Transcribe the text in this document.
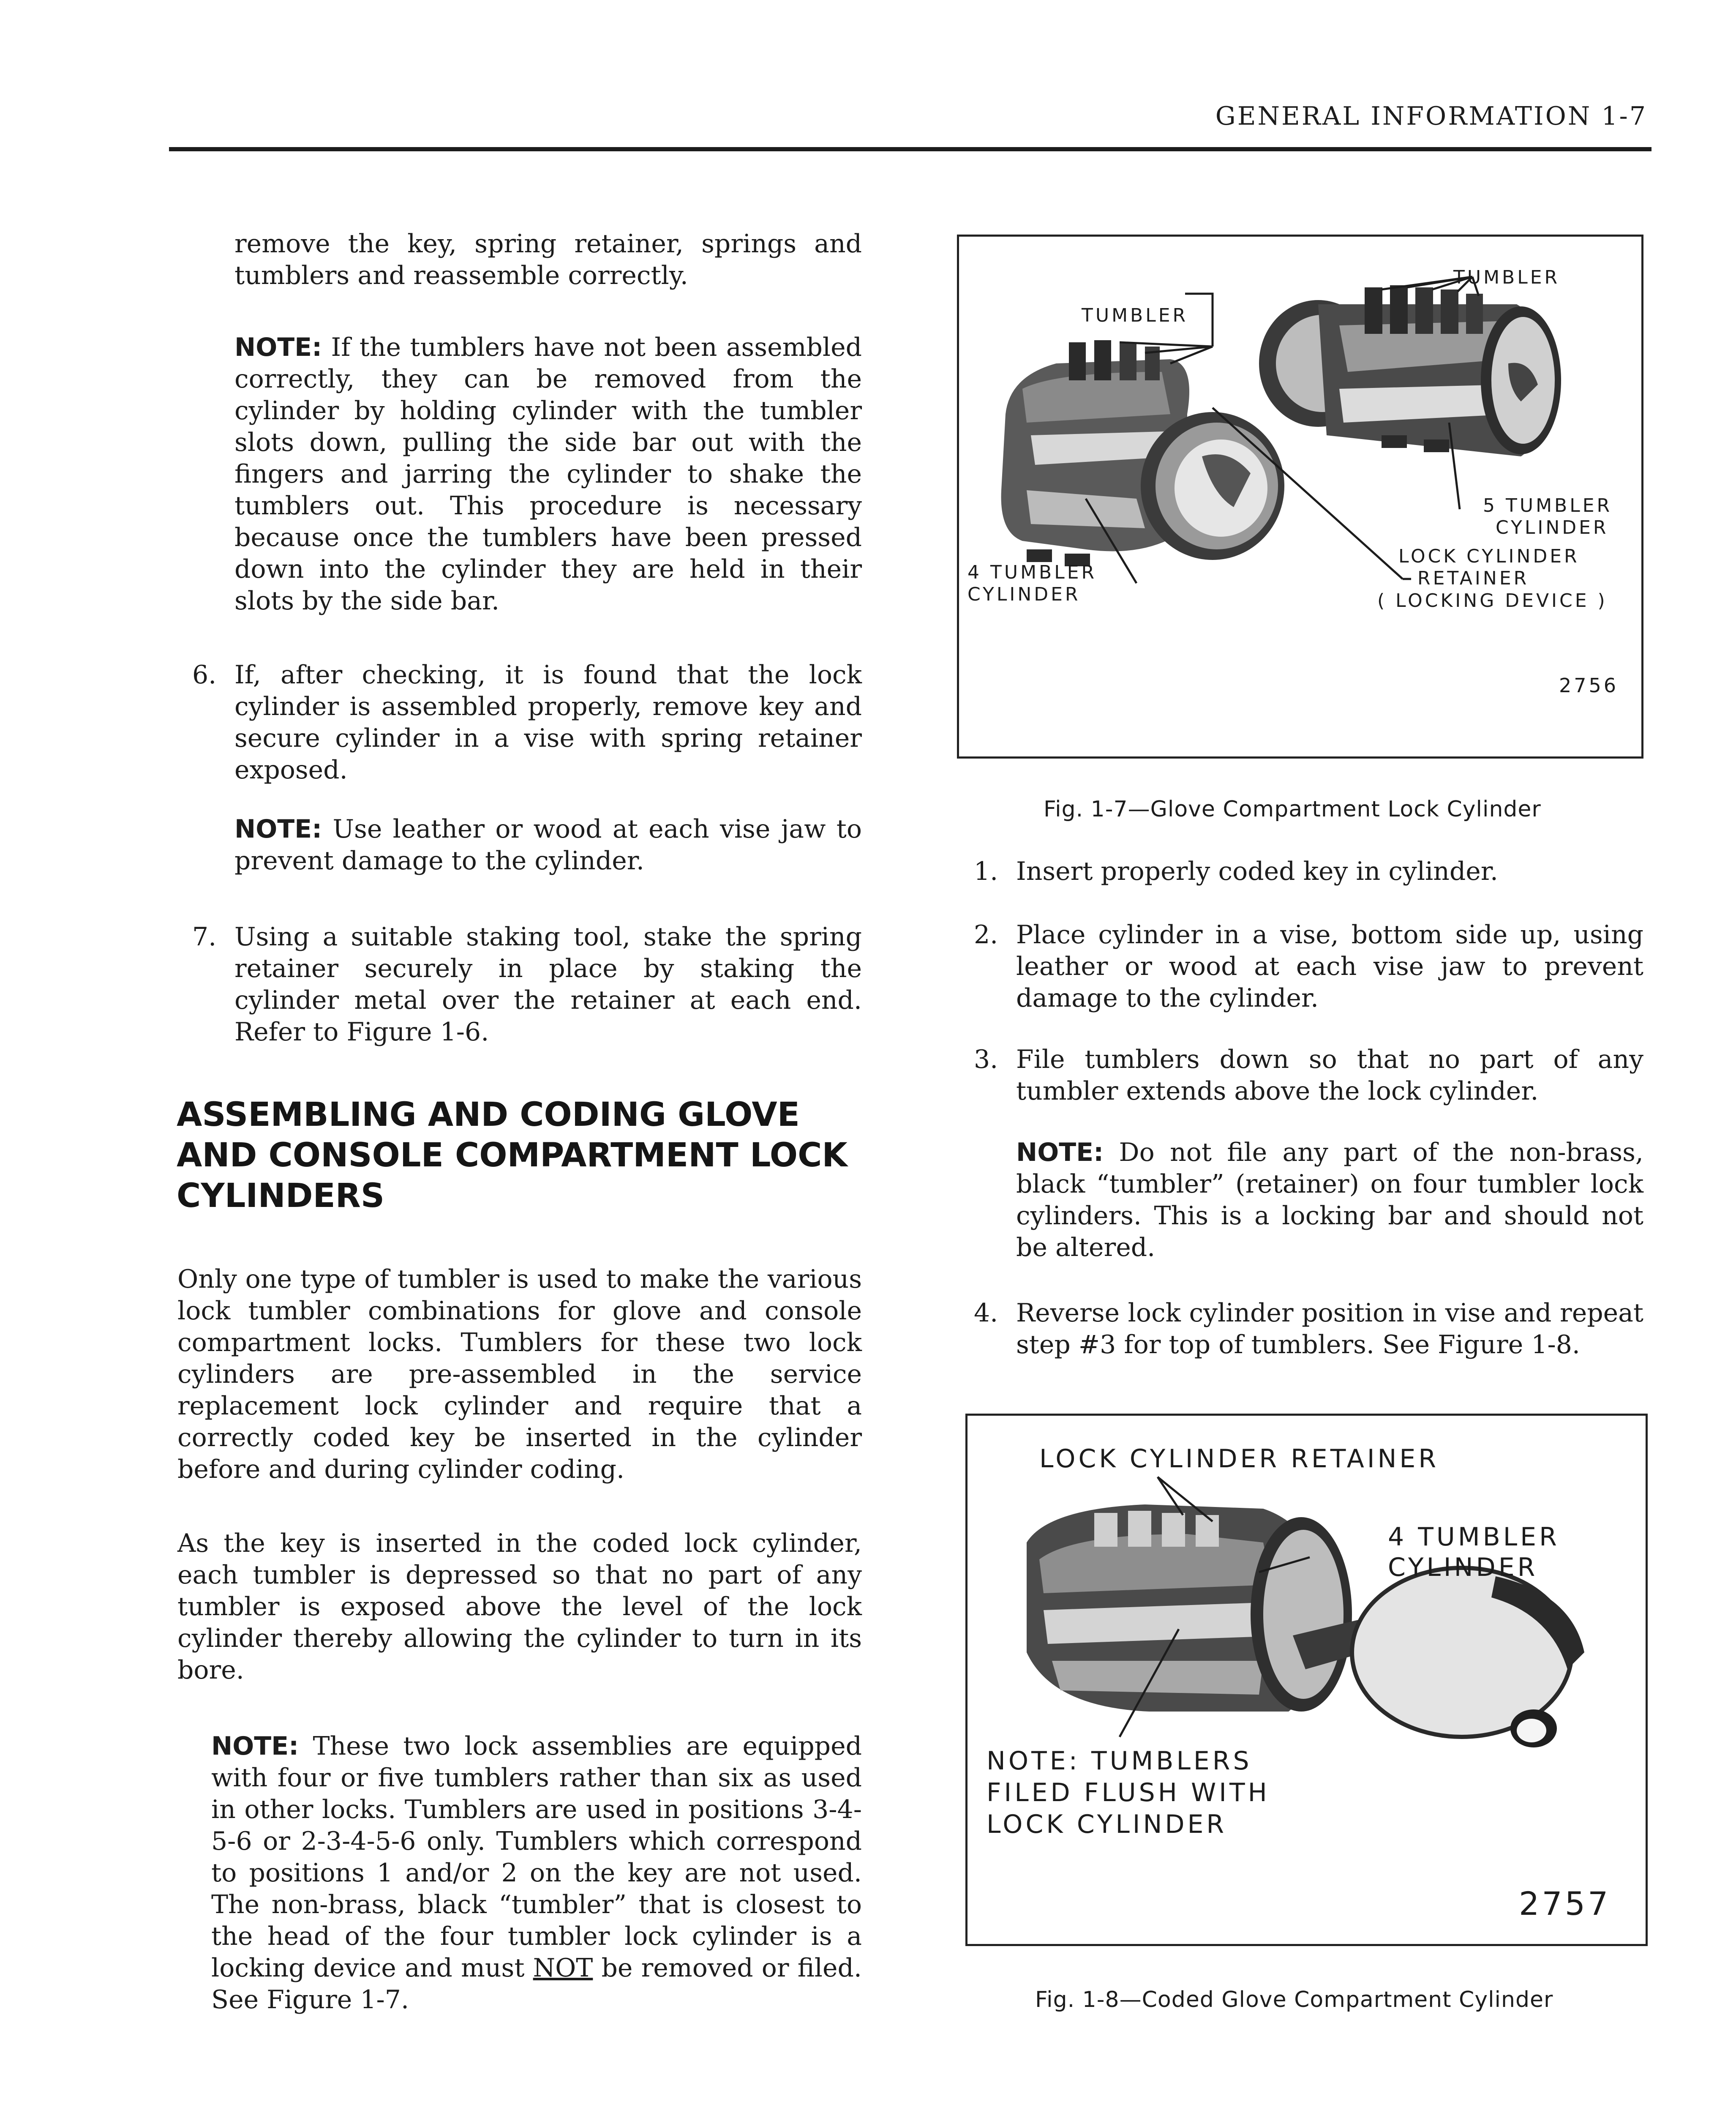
GENERAL INFORMATION 1-7
remove the key, spring retainer, springs and tumblers and reassemble correctly.
NOTE: If the tumblers have not been assembled correctly, they can be removed from the cylinder by holding cylinder with the tumbler slots down, pulling the side bar out with the fingers and jarring the cylinder to shake the tumblers out. This procedure is necessary because once the tumblers have been pressed down into the cylinder they are held in their slots by the side bar.
6. If, after checking, it is found that the lock cylinder is assembled properly, remove key and secure cylinder in a vise with spring retainer exposed.
NOTE: Use leather or wood at each vise jaw to prevent damage to the cylinder.
7. Using a suitable staking tool, stake the spring retainer securely in place by staking the cylinder metal over the retainer at each end. Refer to Figure 1-6.
ASSEMBLING AND CODING GLOVE AND CONSOLE COMPARTMENT LOCK CYLINDERS
Only one type of tumbler is used to make the various lock tumbler combinations for glove and console compartment locks. Tumblers for these two lock cylinders are pre-assembled in the service replacement lock cylinder and require that a correctly coded key be inserted in the cylinder before and during cylinder coding.
As the key is inserted in the coded lock cylinder, each tumbler is depressed so that no part of any tumbler is exposed above the level of the lock cylinder thereby allowing the cylinder to turn in its bore.
NOTE: These two lock assemblies are equipped with four or five tumblers rather than six as used in other locks. Tumblers are used in positions 3-4-5-6 or 2-3-4-5-6 only. Tumblers which correspond to positions 1 and/or 2 on the key are not used. The non-brass, black “tumbler” that is closest to the head of the four tumbler lock cylinder is a locking device and must NOT be removed or filed. See Figure 1-7.
TUMBLER
TUMBLER
5 TUMBLER
CYLINDER
4 TUMBLER
CYLINDER
LOCK CYLINDER
RETAINER
( LOCKING DEVICE )
2756
Fig. 1-7—Glove Compartment Lock Cylinder
1. Insert properly coded key in cylinder.
2. Place cylinder in a vise, bottom side up, using leather or wood at each vise jaw to prevent damage to the cylinder.
3. File tumblers down so that no part of any tumbler extends above the lock cylinder.
NOTE: Do not file any part of the non-brass, black “tumbler” (retainer) on four tumbler lock cylinders. This is a locking bar and should not be altered.
4. Reverse lock cylinder position in vise and repeat step #3 for top of tumblers. See Figure 1-8.
LOCK CYLINDER RETAINER
4 TUMBLER
CYLINDER
NOTE: TUMBLERS
FILED FLUSH WITH
LOCK CYLINDER
2757
Fig. 1-8—Coded Glove Compartment Cylinder
